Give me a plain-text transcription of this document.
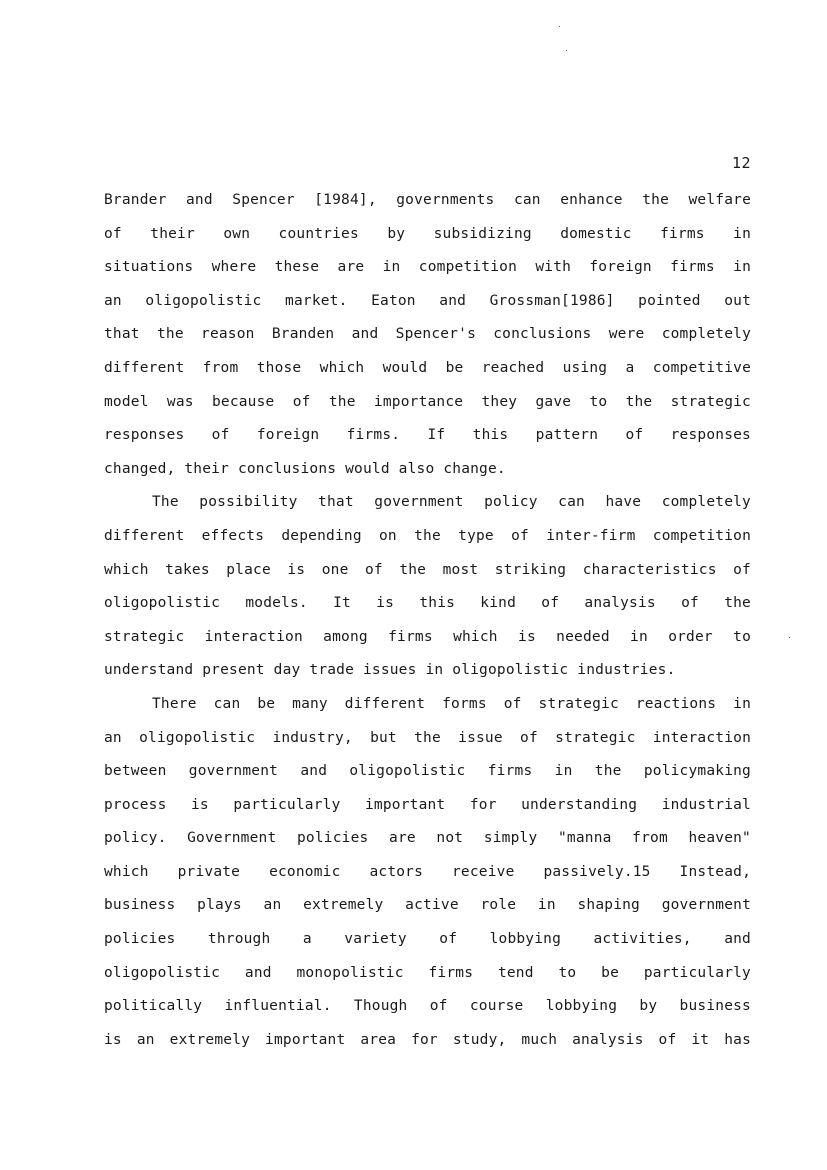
12
Brander and Spencer [1984], governments can enhance the welfare
of their own countries by subsidizing domestic firms in
situations where these are in competition with foreign firms in
an oligopolistic market. Eaton and Grossman[1986] pointed out
that the reason Branden and Spencer's conclusions were completely
different from those which would be reached using a competitive
model was because of the importance they gave to the strategic
responses of foreign firms. If this pattern of responses
changed, their conclusions would also change.
The possibility that government policy can have completely
different effects depending on the type of inter-firm competition
which takes place is one of the most striking characteristics of
oligopolistic models. It is this kind of analysis of the
strategic interaction among firms which is needed in order to
understand present day trade issues in oligopolistic industries.
There can be many different forms of strategic reactions in
an oligopolistic industry, but the issue of strategic interaction
between government and oligopolistic firms in the policymaking
process is particularly important for understanding industrial
policy. Government policies are not simply "manna from heaven"
which private economic actors receive passively.15 Instead,
business plays an extremely active role in shaping government
policies through a variety of lobbying activities, and
oligopolistic and monopolistic firms tend to be particularly
politically influential. Though of course lobbying by business
is an extremely important area for study, much analysis of it has
